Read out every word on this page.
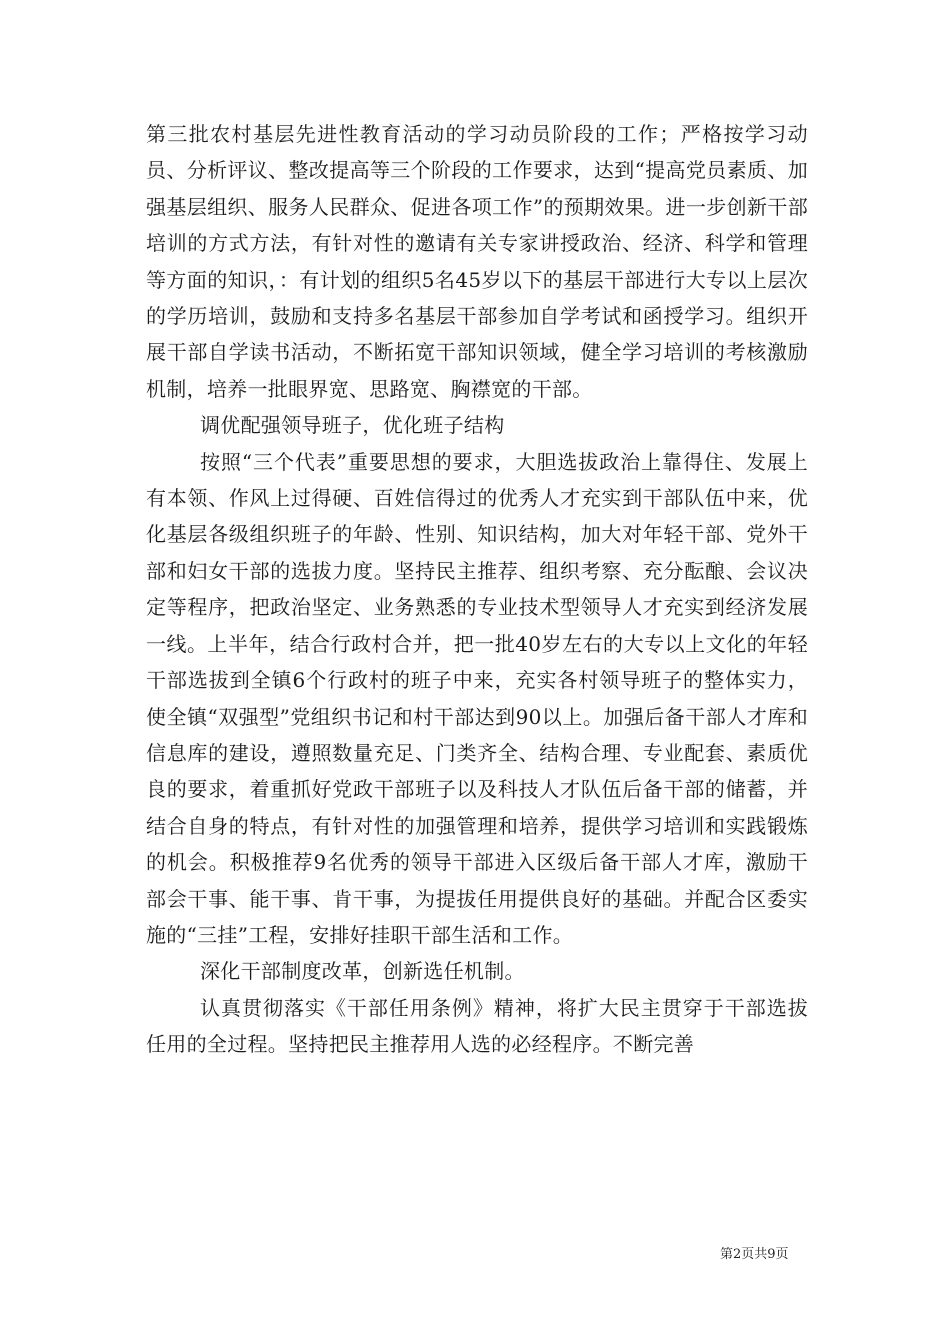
第三批农村基层先进性教育活动的学习动员阶段的工作；严格按学习动员、分析评议、整改提高等三个阶段的工作要求，达到“提高党员素质、加强基层组织、服务人民群众、促进各项工作”的预期效果。进一步创新干部培训的方式方法，有针对性的邀请有关专家讲授政治、经济、科学和管理等方面的知识，：有计划的组织5名45岁以下的基层干部进行大专以上层次的学历培训，鼓励和支持多名基层干部参加自学考试和函授学习。组织开展干部自学读书活动，不断拓宽干部知识领域，健全学习培训的考核激励机制，培养一批眼界宽、思路宽、胸襟宽的干部。

调优配强领导班子，优化班子结构

按照“三个代表”重要思想的要求，大胆选拔政治上靠得住、发展上有本领、作风上过得硬、百姓信得过的优秀人才充实到干部队伍中来，优化基层各级组织班子的年龄、性别、知识结构，加大对年轻干部、党外干部和妇女干部的选拔力度。坚持民主推荐、组织考察、充分酝酿、会议决定等程序，把政治坚定、业务熟悉的专业技术型领导人才充实到经济发展一线。上半年，结合行政村合并，把一批40岁左右的大专以上文化的年轻干部选拔到全镇6个行政村的班子中来，充实各村领导班子的整体实力，使全镇“双强型”党组织书记和村干部达到90以上。加强后备干部人才库和信息库的建设，遵照数量充足、门类齐全、结构合理、专业配套、素质优良的要求，着重抓好党政干部班子以及科技人才队伍后备干部的储蓄，并结合自身的特点，有针对性的加强管理和培养，提供学习培训和实践锻炼的机会。积极推荐9名优秀的领导干部进入区级后备干部人才库，激励干部会干事、能干事、肯干事，为提拔任用提供良好的基础。并配合区委实施的“三挂”工程，安排好挂职干部生活和工作。

深化干部制度改革，创新选任机制。

认真贯彻落实《干部任用条例》精神，将扩大民主贯穿于干部选拔任用的全过程。坚持把民主推荐用人选的必经程序。不断完善

第2页共9页
